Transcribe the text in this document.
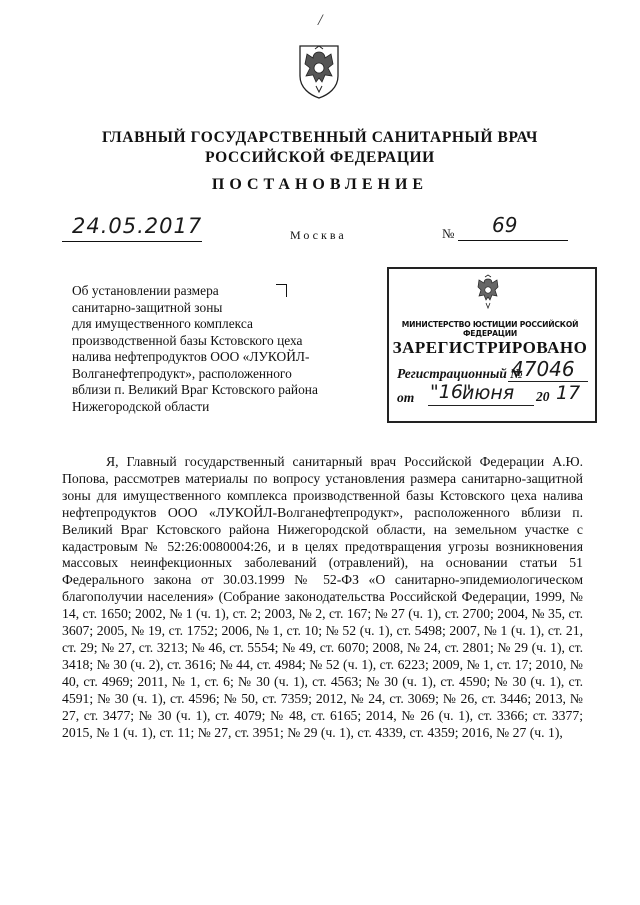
/
ГЛАВНЫЙ ГОСУДАРСТВЕННЫЙ САНИТАРНЫЙ ВРАЧ
РОССИЙСКОЙ ФЕДЕРАЦИИ
ПОСТАНОВЛЕНИЕ
24.05.2017	Москва	№ 69
Об установлении размера
санитарно-защитной зоны
для имущественного комплекса
производственной базы Кстовского цеха
налива нефтепродуктов ООО «ЛУКОЙЛ-
Волганефтепродукт», расположенного
вблизи п. Великий Враг Кстовского района
Нижегородской области
МИНИСТЕРСТВО ЮСТИЦИИ РОССИЙСКОЙ ФЕДЕРАЦИИ
ЗАРЕГИСТРИРОВАНО
Регистрационный №
47046
от "16"
июня 20 17
Я, Главный государственный санитарный врач Российской Федерации А.Ю. Попова, рассмотрев материалы по вопросу установления размера санитарно-защитной зоны для имущественного комплекса производственной базы Кстовского цеха налива нефтепродуктов ООО «ЛУКОЙЛ-Волганефтепродукт», расположенного вблизи п. Великий Враг Кстовского района Нижегородской области, на земельном участке с кадастровым № 52:26:0080004:26, и в целях предотвращения угрозы возникновения массовых неинфекционных заболеваний (отравлений), на основании статьи 51 Федерального закона от 30.03.1999 № 52-ФЗ «О санитарно-эпидемиологическом благополучии населения» (Собрание законодательства Российской Федерации, 1999, № 14, ст. 1650; 2002, № 1 (ч. 1), ст. 2; 2003, № 2, ст. 167; № 27 (ч. 1), ст. 2700; 2004, № 35, ст. 3607; 2005, № 19, ст. 1752; 2006, № 1, ст. 10; № 52 (ч. 1), ст. 5498; 2007, № 1 (ч. 1), ст. 21, ст. 29; № 27, ст. 3213; № 46, ст. 5554; № 49, ст. 6070; 2008, № 24, ст. 2801; № 29 (ч. 1), ст. 3418; № 30 (ч. 2), ст. 3616; № 44, ст. 4984; № 52 (ч. 1), ст. 6223; 2009, № 1, ст. 17; 2010, № 40, ст. 4969; 2011, № 1, ст. 6; № 30 (ч. 1), ст. 4563; № 30 (ч. 1), ст. 4590; № 30 (ч. 1), ст. 4591; № 30 (ч. 1), ст. 4596; № 50, ст. 7359; 2012, № 24, ст. 3069; № 26, ст. 3446; 2013, № 27, ст. 3477; № 30 (ч. 1), ст. 4079; № 48, ст. 6165; 2014, № 26 (ч. 1), ст. 3366; ст. 3377; 2015, № 1 (ч. 1), ст. 11; № 27, ст. 3951; № 29 (ч. 1), ст. 4339, ст. 4359; 2016, № 27 (ч. 1),
